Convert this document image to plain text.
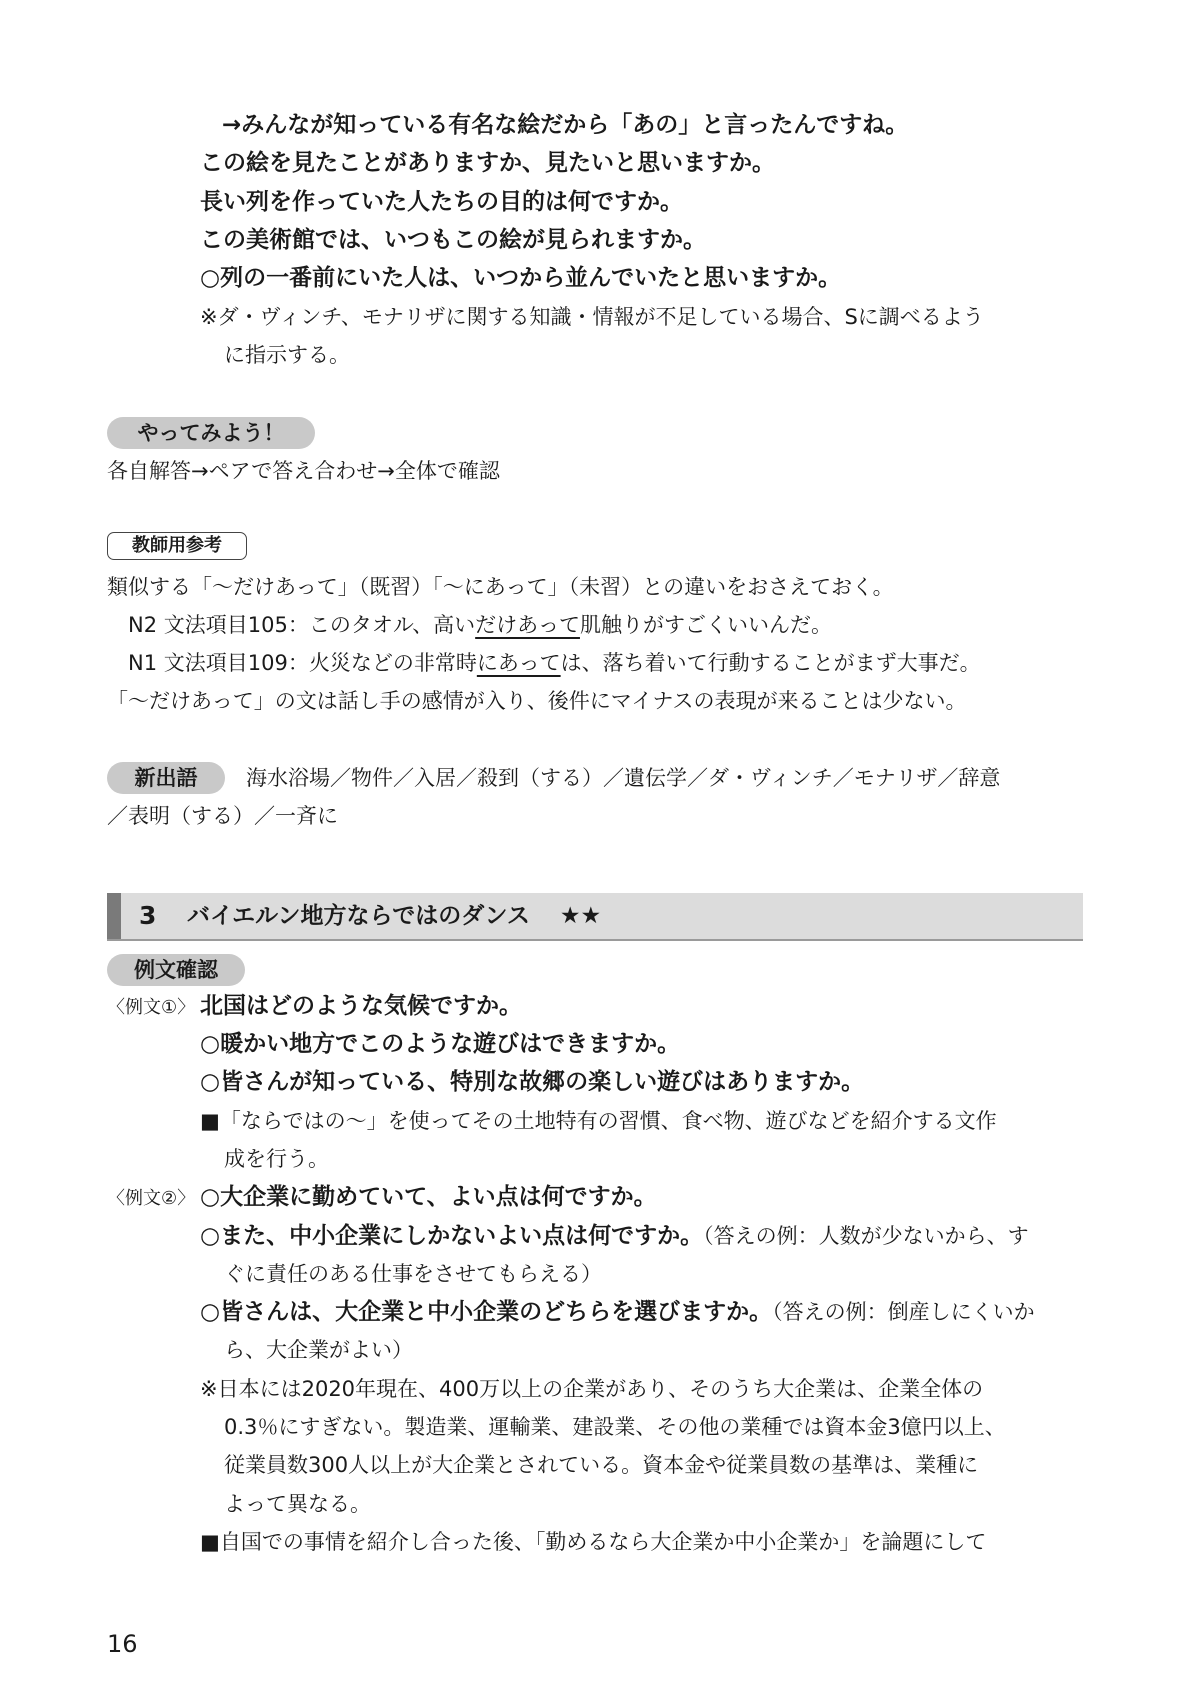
→みんなが知っている有名な絵だから「あの」と言ったんですね。
この絵を見たことがありますか、見たいと思いますか。
長い列を作っていた人たちの目的は何ですか。
この美術館では、いつもこの絵が見られますか。
○列の一番前にいた人は、いつから並んでいたと思いますか。
※ダ・ヴィンチ、モナリザに関する知識・情報が不足している場合、Sに調べるよう
に指示する。
やってみよう！
各自解答→ペアで答え合わせ→全体で確認
教師用参考
類似する「～だけあって」（既習）「～にあって」（未習）との違いをおさえておく。
N2 文法項目105：このタオル、高いだけあって肌触りがすごくいいんだ。
N1 文法項目109：火災などの非常時にあっては、落ち着いて行動することがまず大事だ。
「～だけあって」の文は話し手の感情が入り、後件にマイナスの表現が来ることは少ない。
新出語	海水浴場／物件／入居／殺到（する）／遺伝学／ダ・ヴィンチ／モナリザ／辞意
／表明（する）／一斉に
3 バイエルン地方ならではのダンス ★★
例文確認
〈例文①〉 北国はどのような気候ですか。
○暖かい地方でこのような遊びはできますか。
○皆さんが知っている、特別な故郷の楽しい遊びはありますか。
■「ならではの～」を使ってその土地特有の習慣、食べ物、遊びなどを紹介する文作
成を行う。
〈例文②〉 ○大企業に勤めていて、よい点は何ですか。
○また、中小企業にしかないよい点は何ですか。（答えの例：人数が少ないから、す
ぐに責任のある仕事をさせてもらえる）
○皆さんは、大企業と中小企業のどちらを選びますか。（答えの例：倒産しにくいか
ら、大企業がよい）
※日本には2020年現在、400万以上の企業があり、そのうち大企業は、企業全体の
0.3％にすぎない。製造業、運輸業、建設業、その他の業種では資本金3億円以上、
従業員数300人以上が大企業とされている。資本金や従業員数の基準は、業種に
よって異なる。
■自国での事情を紹介し合った後、「勤めるなら大企業か中小企業か」を論題にして
16
